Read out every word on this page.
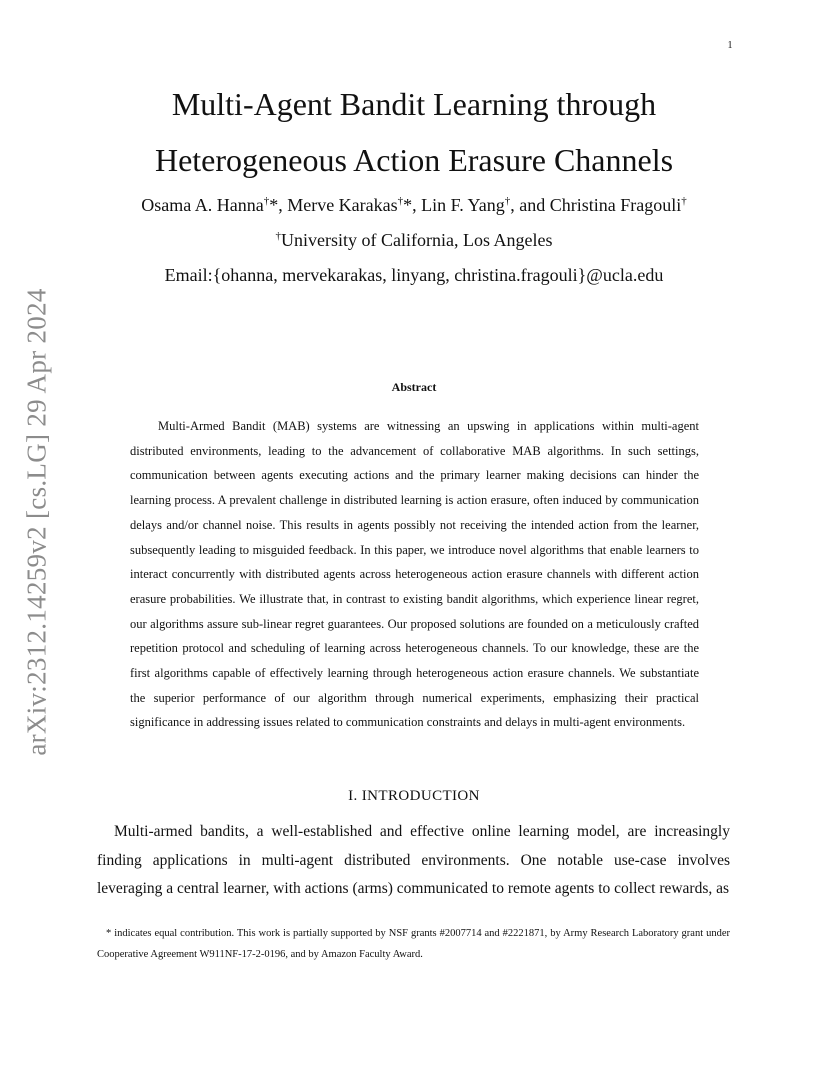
1
arXiv:2312.14259v2 [cs.LG] 29 Apr 2024
Multi-Agent Bandit Learning through
Heterogeneous Action Erasure Channels
Osama A. Hanna†*, Merve Karakas†*, Lin F. Yang†, and Christina Fragouli†
†University of California, Los Angeles
Email:{ohanna, mervekarakas, linyang, christina.fragouli}@ucla.edu
Abstract

Multi-Armed Bandit (MAB) systems are witnessing an upswing in applications within multi-agent distributed environments, leading to the advancement of collaborative MAB algorithms. In such settings, communication between agents executing actions and the primary learner making decisions can hinder the learning process. A prevalent challenge in distributed learning is action erasure, often induced by communication delays and/or channel noise. This results in agents possibly not receiving the intended action from the learner, subsequently leading to misguided feedback. In this paper, we introduce novel algorithms that enable learners to interact concurrently with distributed agents across heterogeneous action erasure channels with different action erasure probabilities. We illustrate that, in contrast to existing bandit algorithms, which experience linear regret, our algorithms assure sub-linear regret guarantees. Our proposed solutions are founded on a meticulously crafted repetition protocol and scheduling of learning across heterogeneous channels. To our knowledge, these are the first algorithms capable of effectively learning through heterogeneous action erasure channels. We substantiate the superior performance of our algorithm through numerical experiments, emphasizing their practical significance in addressing issues related to communication constraints and delays in multi-agent environments.

I. INTRODUCTION

Multi-armed bandits, a well-established and effective online learning model, are increasingly finding applications in multi-agent distributed environments. One notable use-case involves leveraging a central learner, with actions (arms) communicated to remote agents to collect rewards, as

* indicates equal contribution. This work is partially supported by NSF grants #2007714 and #2221871, by Army Research Laboratory grant under Cooperative Agreement W911NF-17-2-0196, and by Amazon Faculty Award.
